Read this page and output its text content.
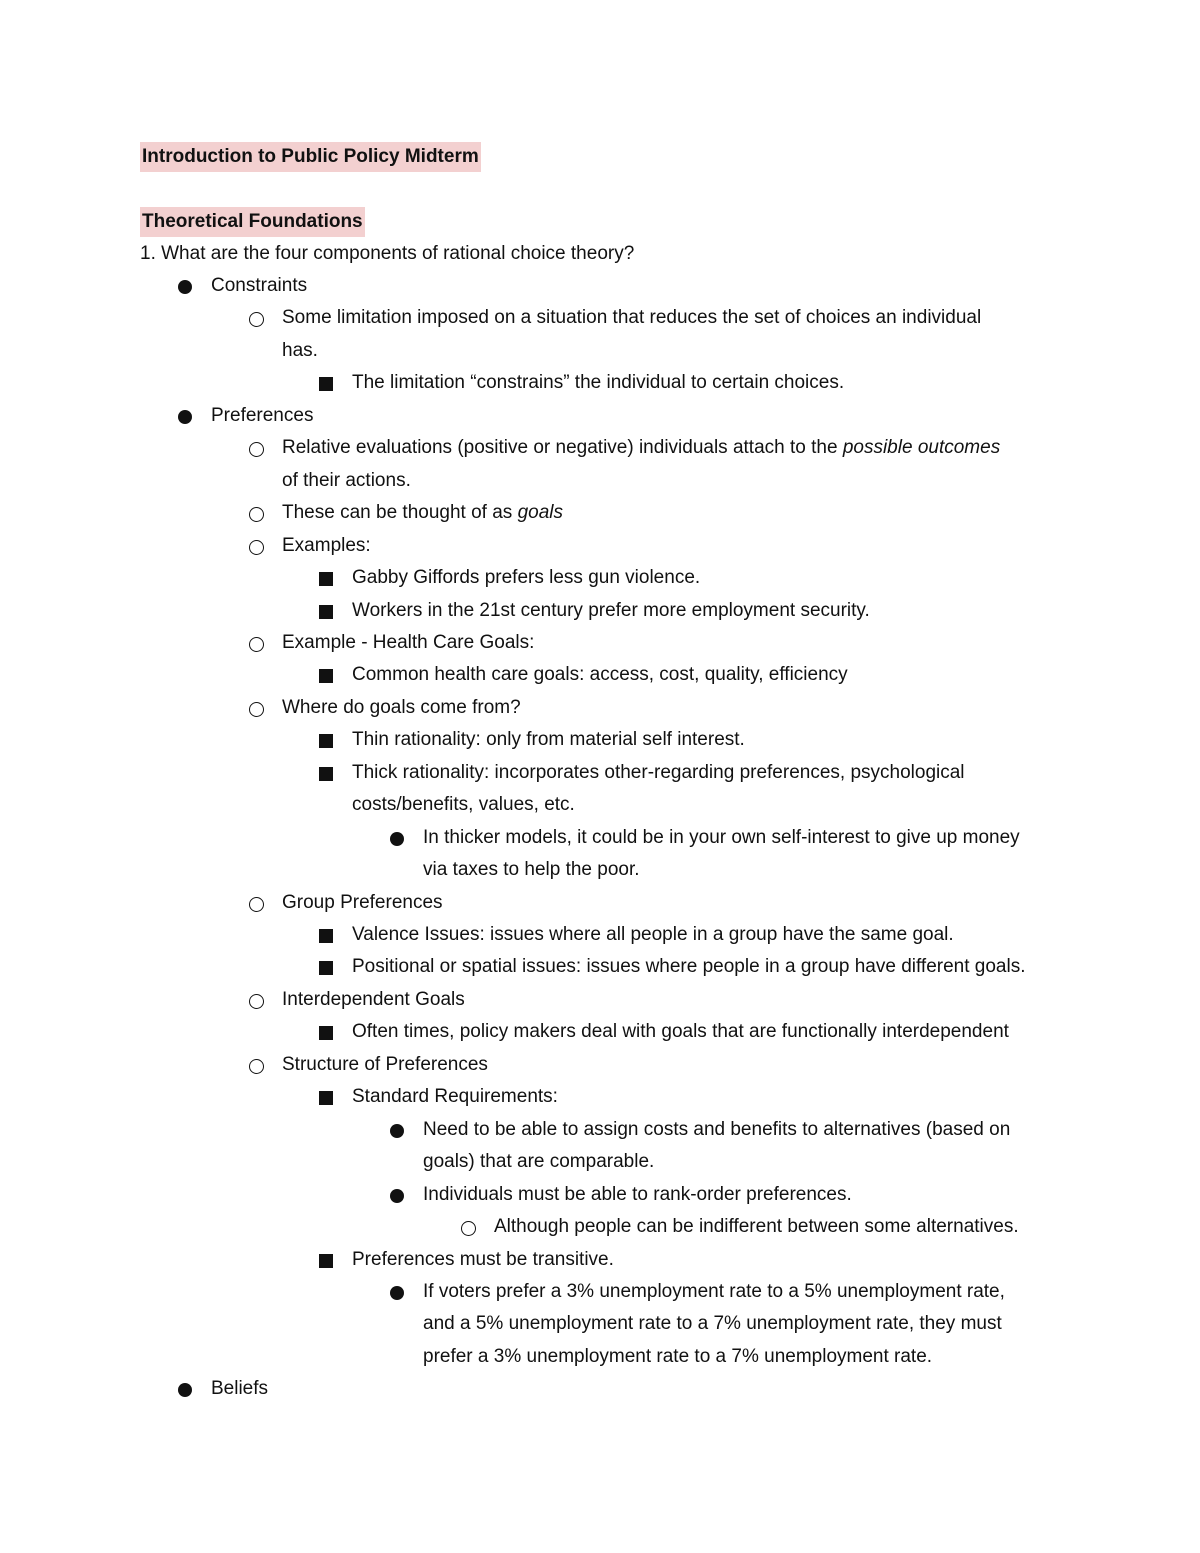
Introduction to Public Policy Midterm
Theoretical Foundations
1. What are the four components of rational choice theory?
Constraints
Some limitation imposed on a situation that reduces the set of choices an individual
has.
The limitation “constrains” the individual to certain choices.
Preferences
Relative evaluations (positive or negative) individuals attach to the possible outcomes
of their actions.
These can be thought of as goals
Examples:
Gabby Giffords prefers less gun violence.
Workers in the 21st century prefer more employment security.
Example - Health Care Goals:
Common health care goals: access, cost, quality, efficiency
Where do goals come from?
Thin rationality: only from material self interest.
Thick rationality: incorporates other-regarding preferences, psychological
costs/benefits, values, etc.
In thicker models, it could be in your own self-interest to give up money
via taxes to help the poor.
Group Preferences
Valence Issues: issues where all people in a group have the same goal.
Positional or spatial issues: issues where people in a group have different goals.
Interdependent Goals
Often times, policy makers deal with goals that are functionally interdependent
Structure of Preferences
Standard Requirements:
Need to be able to assign costs and benefits to alternatives (based on
goals) that are comparable.
Individuals must be able to rank-order preferences.
Although people can be indifferent between some alternatives.
Preferences must be transitive.
If voters prefer a 3% unemployment rate to a 5% unemployment rate,
and a 5% unemployment rate to a 7% unemployment rate, they must
prefer a 3% unemployment rate to a 7% unemployment rate.
Beliefs
